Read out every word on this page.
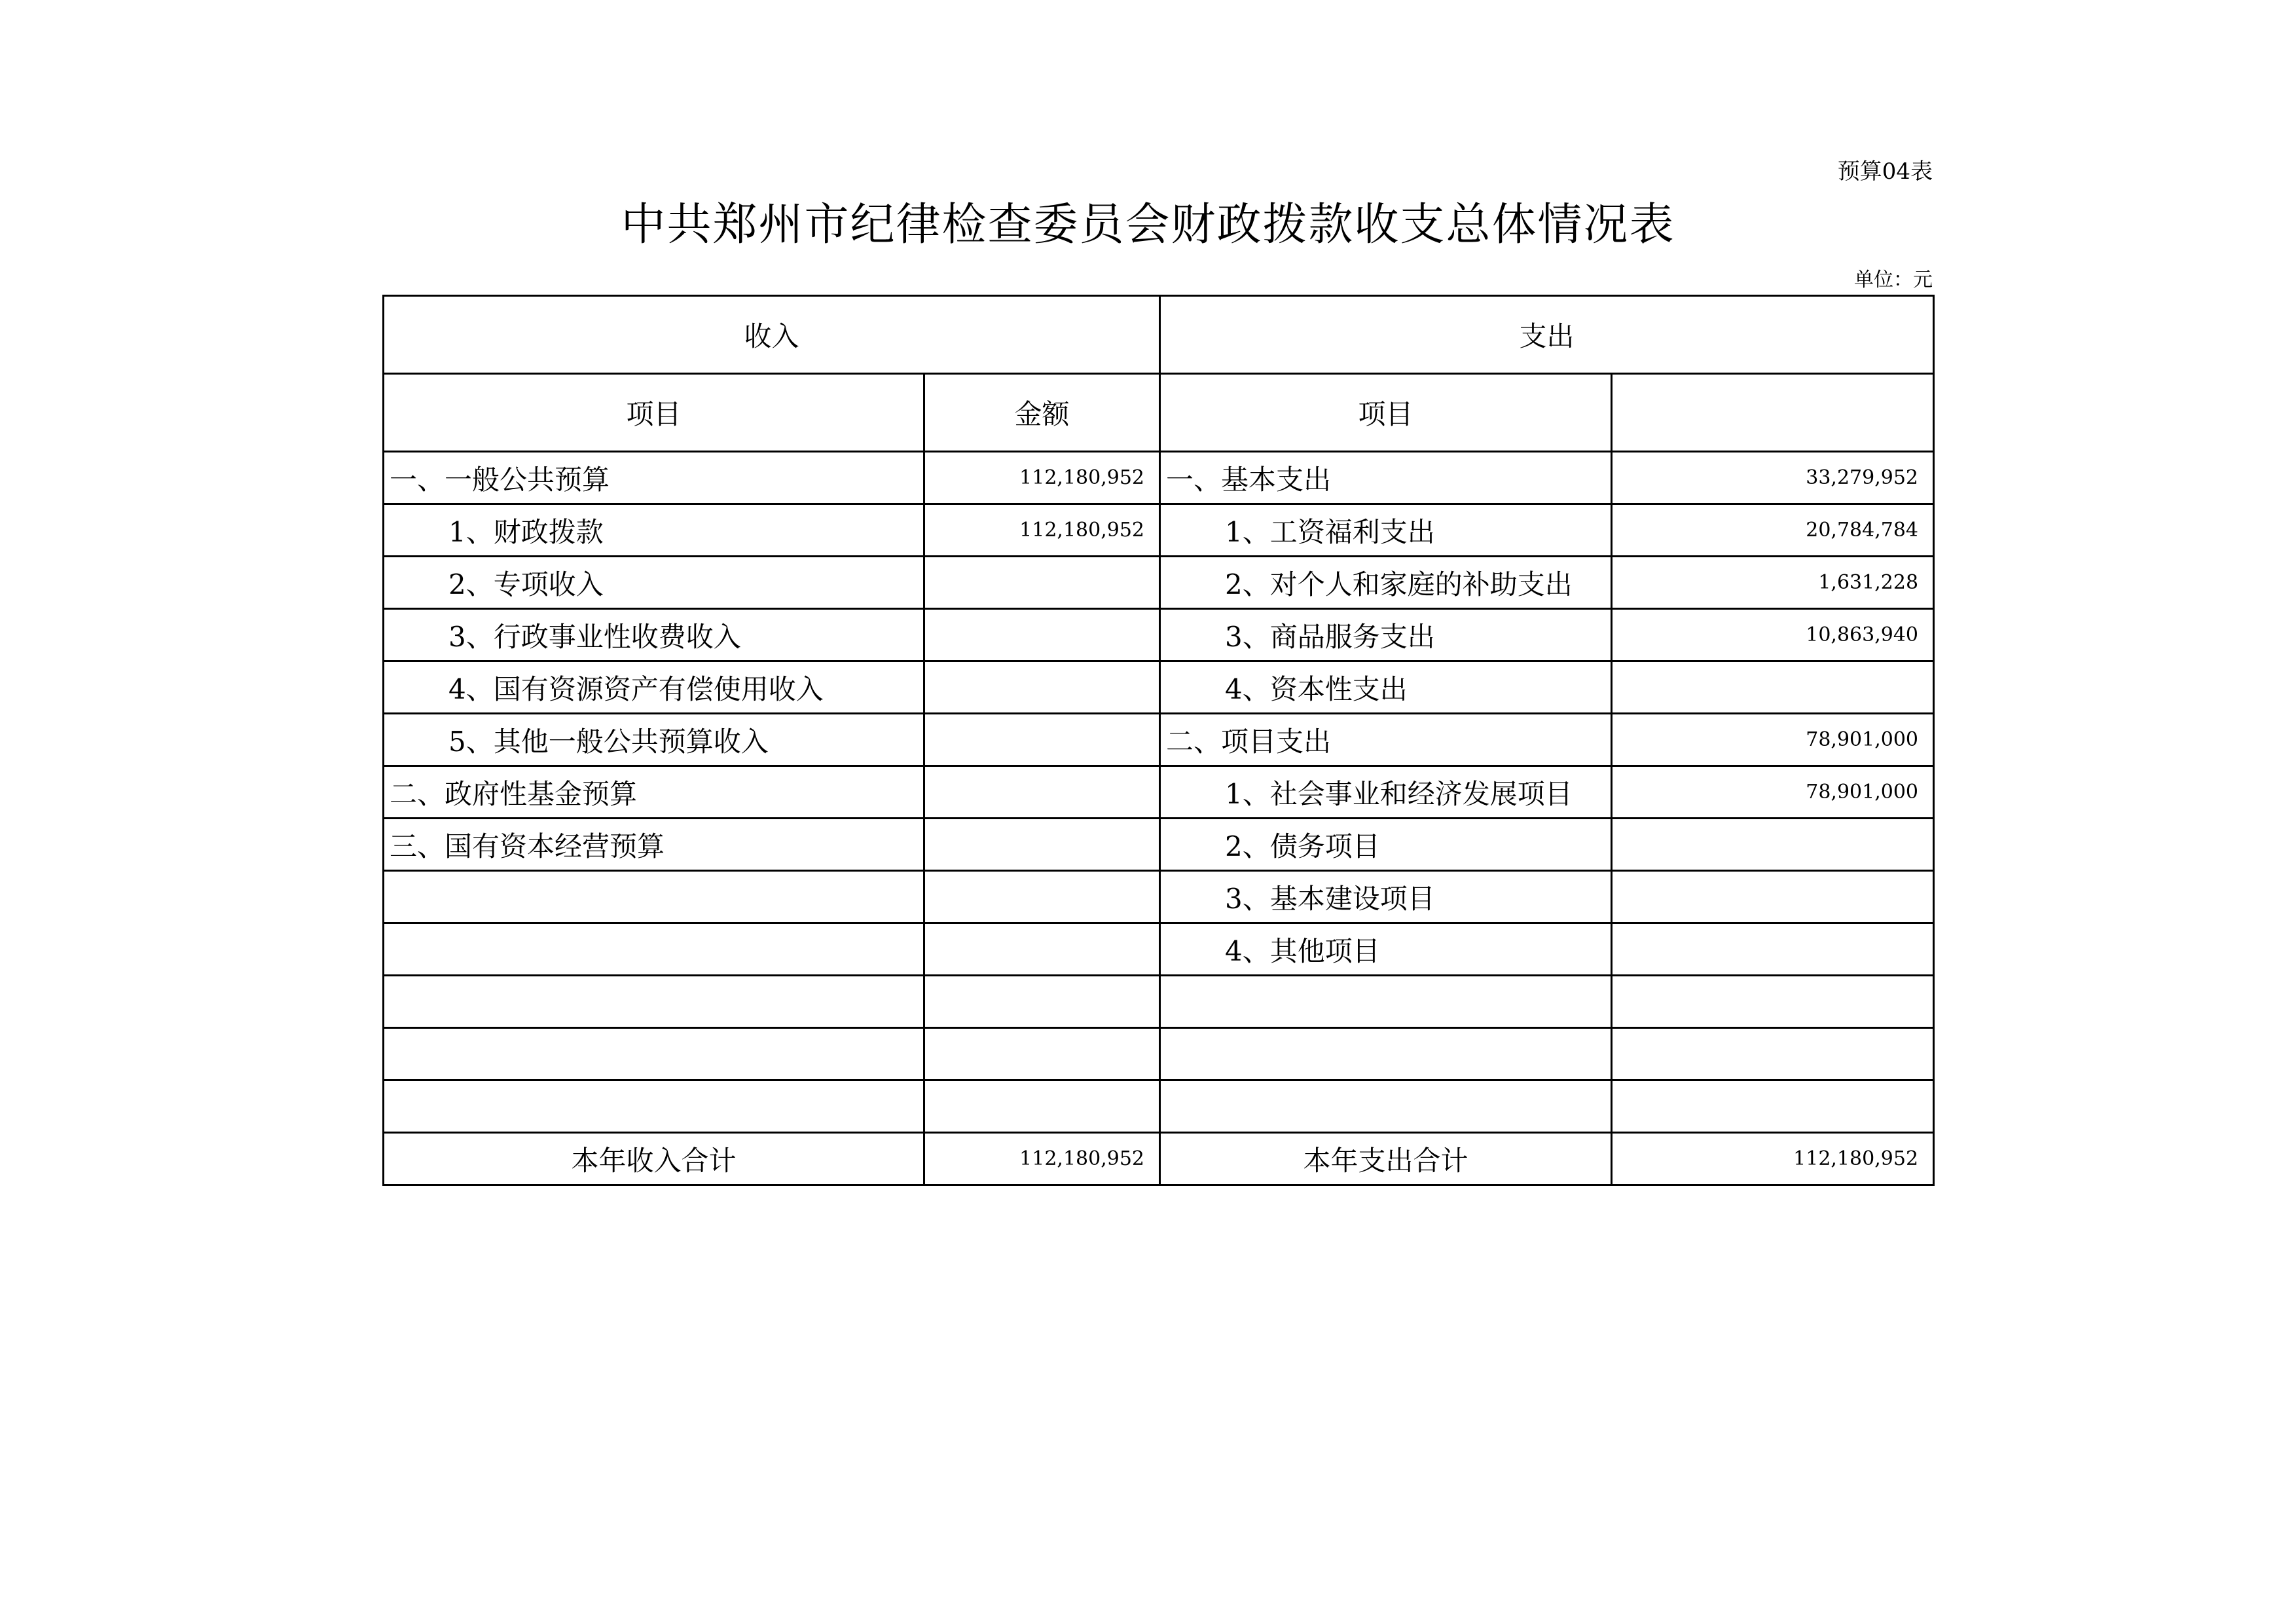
预算04表
中共郑州市纪律检查委员会财政拨款收支总体情况表
单位：元
收入		支出	
项目	金额	项目	
一、一般公共预算	112,180,952	一、基本支出	33,279,952
1、财政拨款	112,180,952	1、工资福利支出	20,784,784
2、专项收入		2、对个人和家庭的补助支出	1,631,228
3、行政事业性收费收入		3、商品服务支出	10,863,940
4、国有资源资产有偿使用收入		4、资本性支出	
5、其他一般公共预算收入		二、项目支出	78,901,000
二、政府性基金预算		1、社会事业和经济发展项目	78,901,000
三、国有资本经营预算		2、债务项目	
		3、基本建设项目	
		4、其他项目	

本年收入合计	112,180,952	本年支出合计	112,180,952
